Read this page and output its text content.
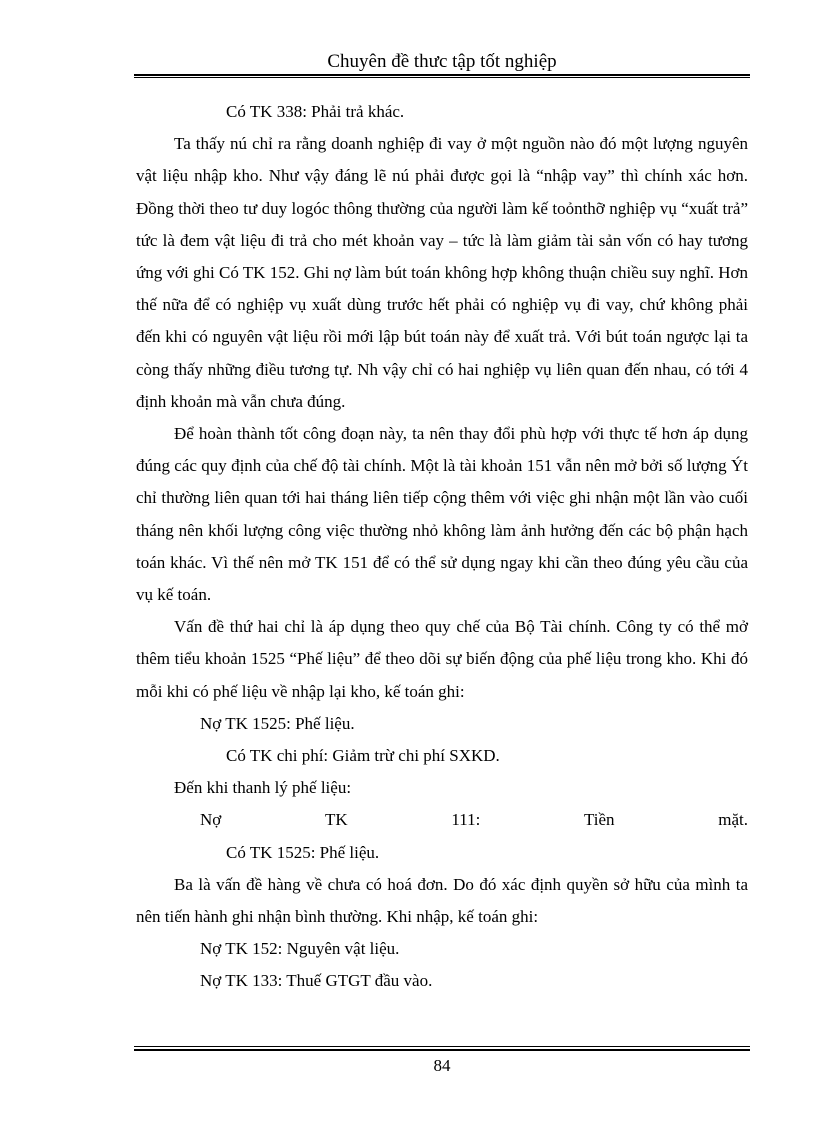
Chuyên đề thưc tập tốt nghiệp

Có TK 338: Phải trả khác.

Ta thấy nú chỉ ra rằng doanh nghiệp đi vay ở một nguồn nào đó một lượng nguyên vật liệu nhập kho. Như vậy đáng lẽ nú phải được gọi là “nhập vay” thì chính xác hơn. Đồng thời theo tư duy logóc thông thường của người làm kế toỏnthỡ nghiệp vụ “xuất trả” tức là đem vật liệu đi trả cho mét khoản vay – tức là làm giảm tài sản vốn có hay tương ứng với ghi Có TK 152. Ghi nợ làm bút toán không hợp không thuận chiều suy nghĩ. Hơn thế nữa để có nghiệp vụ xuất dùng trước hết phải có nghiệp vụ đi vay, chứ không phải đến khi có nguyên vật liệu rồi mới lập bút toán này để xuất trả. Với bút toán ngược lại ta còng thấy những điều tương tự. Nh vậy chỉ có hai nghiệp vụ liên quan đến nhau, có tới 4 định khoản mà vẫn chưa đúng.

Để hoàn thành tốt công đoạn này, ta nên thay đổi phù hợp với thực tế hơn áp dụng đúng các quy định của chế độ tài chính. Một là tài khoản 151 vẫn nên mở bởi số lượng Ýt chỉ thường liên quan tới hai tháng liên tiếp cộng thêm với việc ghi nhận một lần vào cuối tháng nên khối lượng công việc thường nhỏ không làm ảnh hưởng đến các bộ phận hạch toán khác. Vì thế nên mở TK 151 để có thể sử dụng ngay khi cần theo đúng yêu cầu của vụ kế toán.

Vấn đề thứ hai chỉ là áp dụng theo quy chế của Bộ Tài chính. Công ty có thể mở thêm tiểu khoản 1525 “Phế liệu” để theo dõi sự biến động của phế liệu trong kho. Khi đó mỗi khi có phế liệu về nhập lại kho, kế toán ghi:

Nợ TK 1525: Phế liệu.

Có TK chi phí: Giảm trừ chi phí SXKD.

Đến khi thanh lý phế liệu:

Nợ	TK	111:	Tiền	mặt.

Có TK 1525: Phế liệu.

Ba là vấn đề hàng về chưa có hoá đơn. Do đó xác định quyền sở hữu của mình ta nên tiến hành ghi nhận bình thường. Khi nhập, kế toán ghi:

Nợ TK 152: Nguyên vật liệu.

Nợ TK 133: Thuế GTGT đầu vào.

84
